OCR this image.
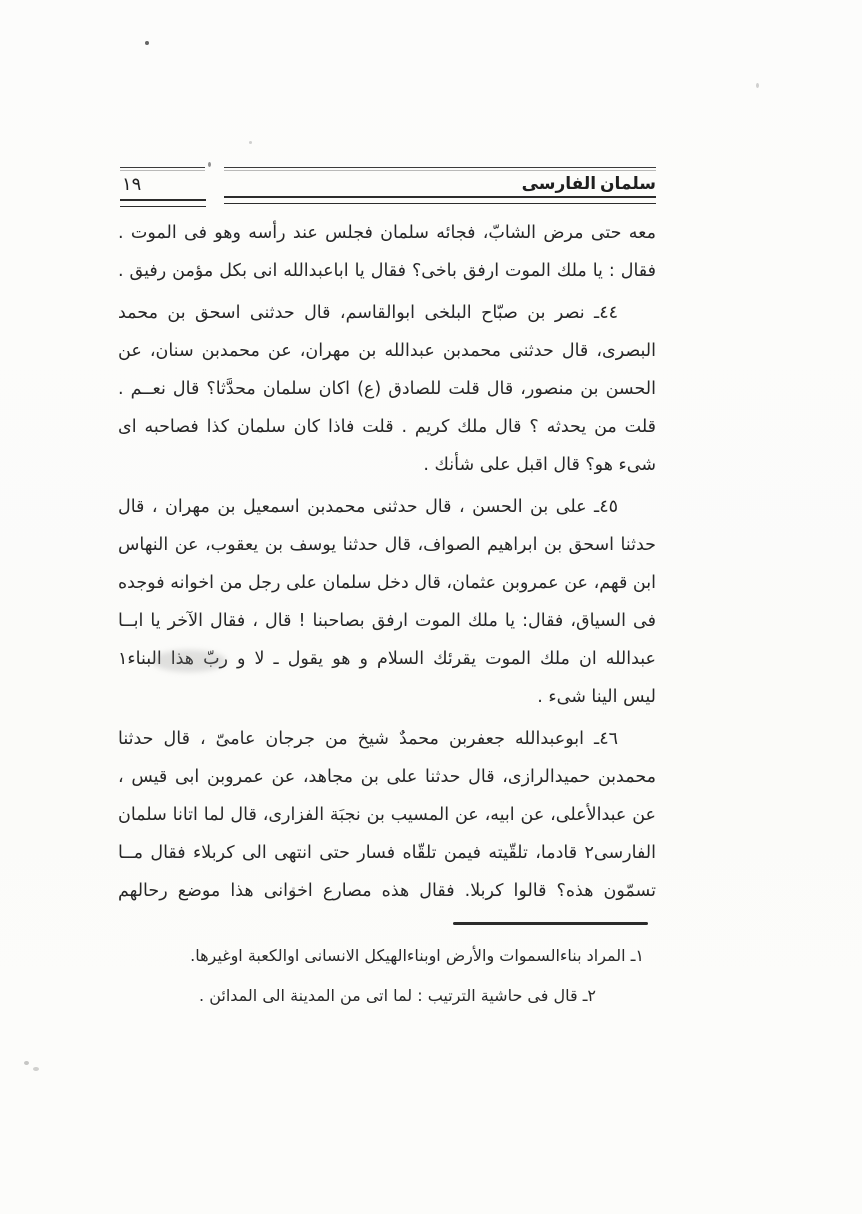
١٩	سلمان الفارسى
معه حتى مرض الشابّ، فجائه سلمان فجلس عند رأسه وهو فى الموت .
فقال : يا ملك الموت ارفق باخى؟ فقال يا اباعبدالله انى بكل مؤمن رفيق .
٤٤ـ نصر بن صبّاح البلخى ابوالقاسم، قال حدثنى اسحق بن محمد
البصرى، قال حدثنى محمدبن عبدالله بن مهران، عن محمدبن سنان، عن
الحسن بن منصور، قال قلت للصادق (ع) اكان سلمان محدَّثا؟ قال نعــم .
قلت من يحدثه ؟ قال ملك كريم . قلت فاذا كان سلمان كذا فصاحبه اى
شىء هو؟ قال اقبل على شأنك .
٤٥ـ على بن الحسن ، قال حدثنى محمدبن اسمعيل بن مهران ، قال
حدثنا اسحق بن ابراهيم الصواف، قال حدثنا يوسف بن يعقوب، عن النهاس
ابن قهم، عن عمروبن عثمان، قال دخل سلمان على رجل من اخوانه فوجده
فى السياق، فقال: يا ملك الموت ارفق بصاحبنا ! قال ، فقال الآخر يا ابــا
عبدالله ان ملك الموت يقرئك السلام و هو يقول ـ لا و ربّ هذا البناء١
ليس الينا شىء .
٤٦ـ ابوعبدالله جعفربن محمدٌ شيخ من جرجان عامىّ ، قال حدثنا
محمدبن حميدالرازى، قال حدثنا على بن مجاهد، عن عمروبن ابى قيس ،
عن عبدالأعلى، عن ابيه، عن المسيب بن نجبَة الفزارى، قال لما اتانا سلمان
الفارسى٢ قادما، تلقّيته فيمن تلقّاه فسار حتى انتهى الى كربلاء فقال مــا
تسمّون هذه؟ قالوا كربلا. فقال هذه مصارع اخوانى هذا موضع رحالهم
١ـ المراد بناءالسموات والأرض اوبناءالهيكل الانسانى اوالكعبة اوغيرها.
٢ـ قال فى حاشية الترتيب : لما اتى من المدينة الى المدائن .
